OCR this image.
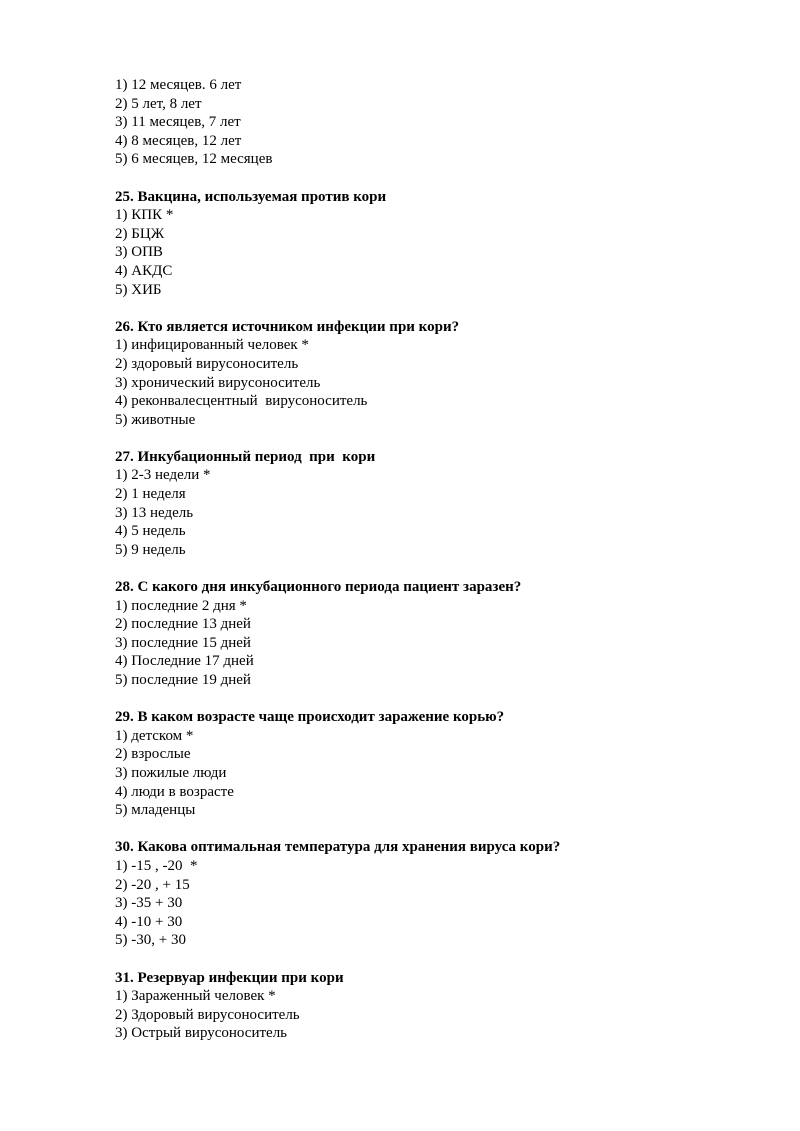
1) 12 месяцев. 6 лет

2) 5 лет, 8 лет

3) 11 месяцев, 7 лет

4) 8 месяцев, 12 лет

5) 6 месяцев, 12 месяцев

25. Вакцина, используемая против кори

1) КПК *

2) БЦЖ

3) ОПВ

4) АКДС

5) ХИБ

26. Кто является источником инфекции при кори?

1) инфицированный человек *

2) здоровый вирусоноситель

3) хронический вирусоноситель

4) реконвалесцентный  вирусоноситель

5) животные

27. Инкубационный период  при  кори

1) 2-3 недели *

2) 1 неделя

3) 13 недель

4) 5 недель

5) 9 недель

28. С какого дня инкубационного периода пациент заразен?

1) последние 2 дня *

2) последние 13 дней

3) последние 15 дней

4) Последние 17 дней

5) последние 19 дней

29. В каком возрасте чаще происходит заражение корью?

1) детском *

2) взрослые

3) пожилые люди

4) люди в возрасте

5) младенцы

30. Какова оптимальная температура для хранения вируса кори?

1) -15 , -20  *

2) -20 , + 15

3) -35 + 30

4) -10 + 30

5) -30, + 30

31. Резервуар инфекции при кори

1) Зараженный человек *

2) Здоровый вирусоноситель

3) Острый вирусоноситель
